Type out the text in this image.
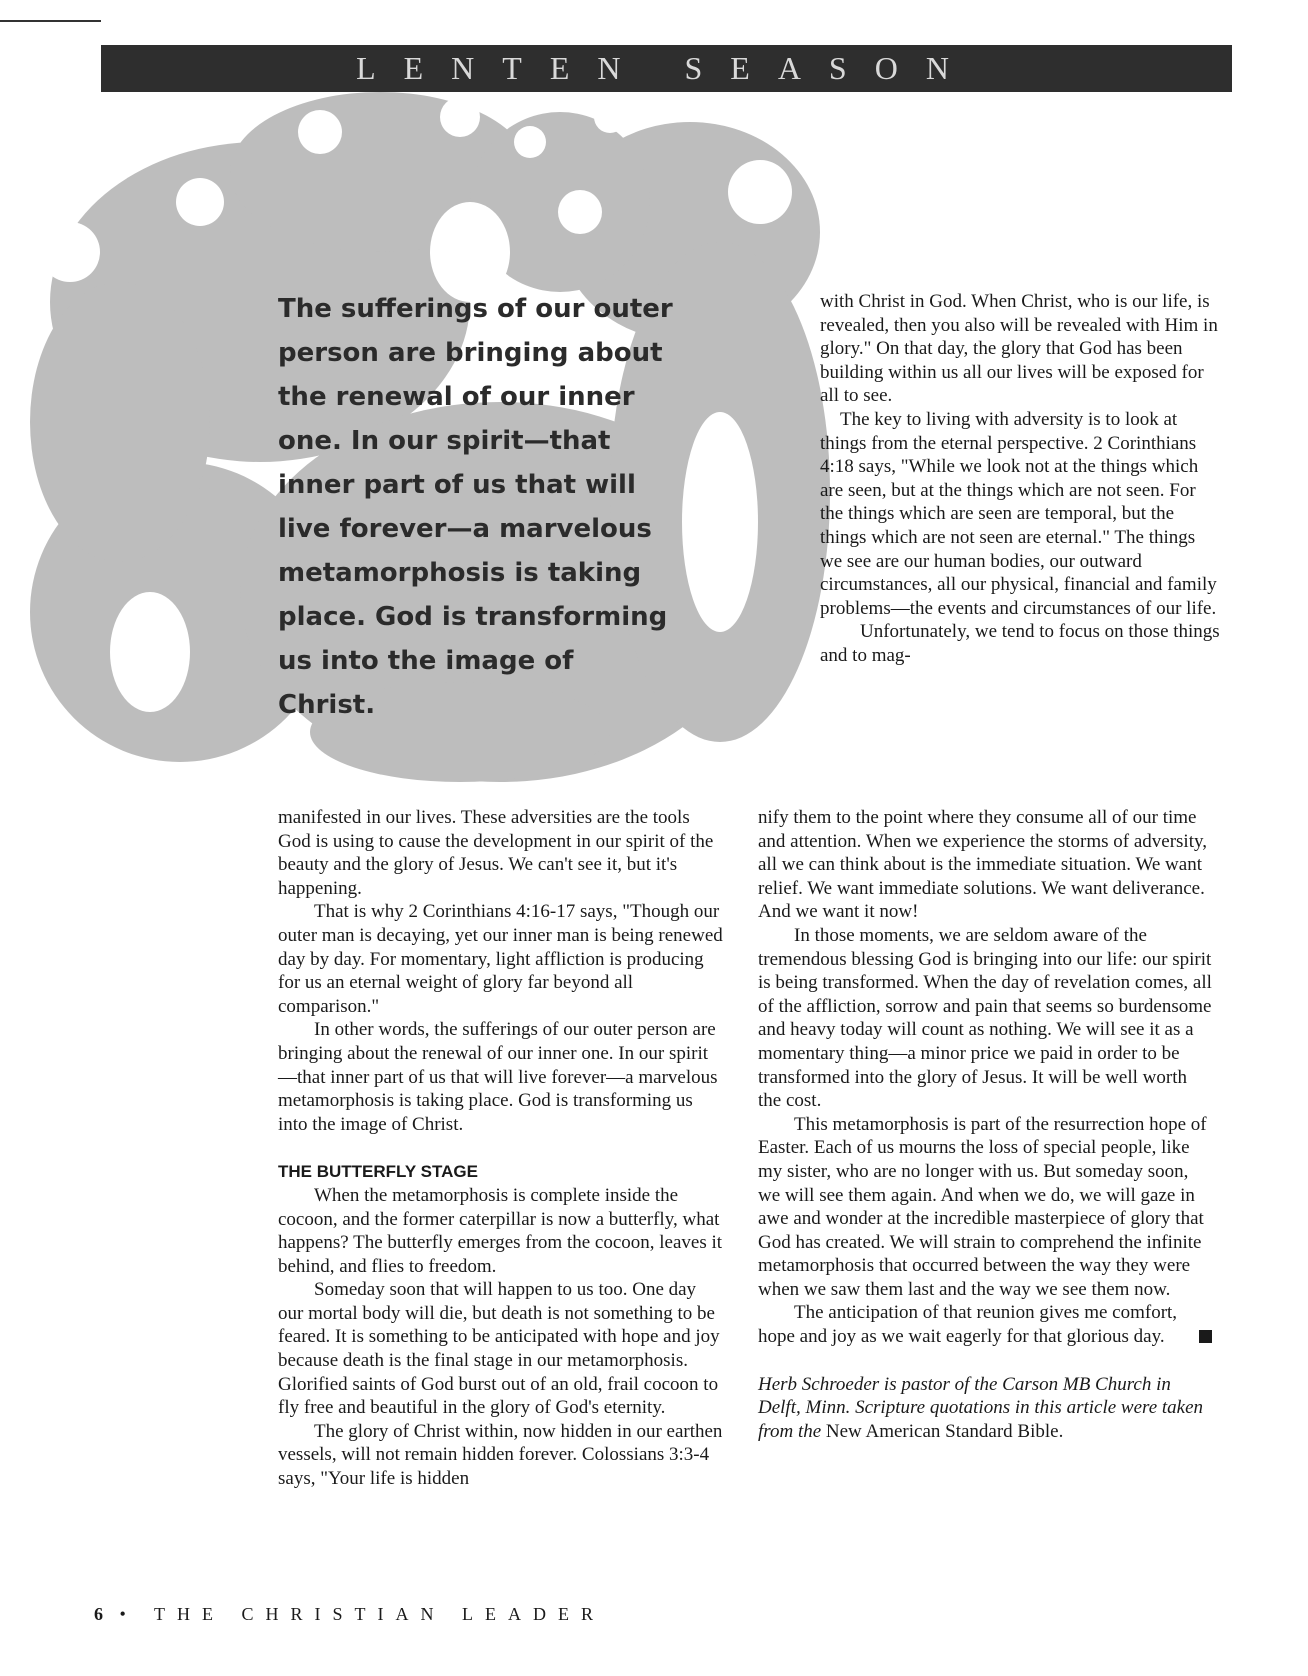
LENTEN SEASON
The sufferings of our outer person are bringing about the renewal of our inner one. In our spirit—that inner part of us that will live forever—a marvelous metamorphosis is taking place. God is transforming us into the image of Christ.

with Christ in God. When Christ, who is our life, is revealed, then you also will be revealed with Him in glory." On that day, the glory that God has been building within us all our lives will be exposed for all to see.

The key to living with adversity is to look at things from the eternal perspective. 2 Corinthians 4:18 says, "While we look not at the things which are seen, but at the things which are not seen. For the things which are seen are temporal, but the things which are not seen are eternal." The things we see are our human bodies, our outward circumstances, all our physical, financial and family problems—the events and circumstances of our life.

Unfortunately, we tend to focus on those things and to mag-

manifested in our lives. These adversities are the tools God is using to cause the development in our spirit of the beauty and the glory of Jesus. We can't see it, but it's happening.

That is why 2 Corinthians 4:16-17 says, "Though our outer man is decaying, yet our inner man is being renewed day by day. For momentary, light affliction is producing for us an eternal weight of glory far beyond all comparison."

In other words, the sufferings of our outer person are bringing about the renewal of our inner one. In our spirit—that inner part of us that will live forever—a marvelous metamorphosis is taking place. God is transforming us into the image of Christ.

THE BUTTERFLY STAGE

When the metamorphosis is complete inside the cocoon, and the former caterpillar is now a butterfly, what happens? The butterfly emerges from the cocoon, leaves it behind, and flies to freedom.

Someday soon that will happen to us too. One day our mortal body will die, but death is not something to be feared. It is something to be anticipated with hope and joy because death is the final stage in our metamorphosis. Glorified saints of God burst out of an old, frail cocoon to fly free and beautiful in the glory of God's eternity.

The glory of Christ within, now hidden in our earthen vessels, will not remain hidden forever. Colossians 3:3-4 says, "Your life is hidden

nify them to the point where they consume all of our time and attention. When we experience the storms of adversity, all we can think about is the immediate situation. We want relief. We want immediate solutions. We want deliverance. And we want it now!

In those moments, we are seldom aware of the tremendous blessing God is bringing into our life: our spirit is being transformed. When the day of revelation comes, all of the affliction, sorrow and pain that seems so burdensome and heavy today will count as nothing. We will see it as a momentary thing—a minor price we paid in order to be transformed into the glory of Jesus. It will be well worth the cost.

This metamorphosis is part of the resurrection hope of Easter. Each of us mourns the loss of special people, like my sister, who are no longer with us. But someday soon, we will see them again. And when we do, we will gaze in awe and wonder at the incredible masterpiece of glory that God has created. We will strain to comprehend the infinite metamorphosis that occurred between the way they were when we saw them last and the way we see them now.

The anticipation of that reunion gives me comfort, hope and joy as we wait eagerly for that glorious day.

Herb Schroeder is pastor of the Carson MB Church in Delft, Minn. Scripture quotations in this article were taken from the New American Standard Bible.

6 • THE CHRISTIAN LEADER
